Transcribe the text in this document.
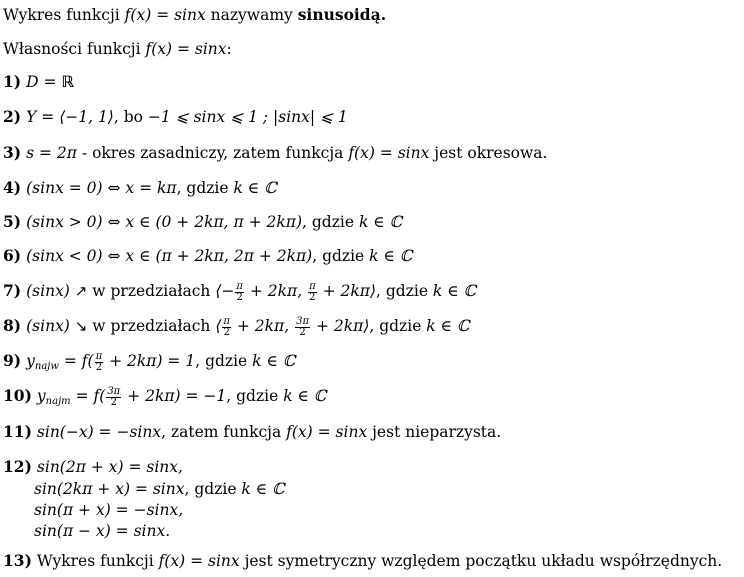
Wykres funkcji f(x) = sinx nazywamy sinusoidą.
Własności funkcji f(x) = sinx:
1) D = ℝ
2) Y = ⟨−1, 1⟩, bo −1 ⩽ sinx ⩽ 1 ; |sinx| ⩽ 1
3) s = 2π - okres zasadniczy, zatem funkcja f(x) = sinx jest okresowa.
4) (sinx = 0) ⇔ x = kπ, gdzie k ∈ ℂ
5) (sinx > 0) ⇔ x ∈ (0 + 2kπ, π + 2kπ), gdzie k ∈ ℂ
6) (sinx < 0) ⇔ x ∈ (π + 2kπ, 2π + 2kπ), gdzie k ∈ ℂ
7) (sinx) ↗ w przedziałach ⟨− $\frac{\pi}{2} + 2k\pi$, $\frac{\pi}{2}$ + 2kπ⟩, gdzie k ∈ ℂ
8) (sinx) ↘ w przedziałach ⟨ $\frac{\pi}{2} + 2k\pi$, $\frac{3\pi}{2}$ + 2kπ⟩, gdzie k ∈ ℂ
9) $y_{najw} = f( \frac{\pi}{2} + 2k\pi) = 1$, gdzie k ∈ ℂ
10) $y_{najm} = f( \frac{3\pi}{2} + 2k\pi) = -1$, gdzie k ∈ ℂ
11) sin(−x) = −sinx, zatem funkcja f(x) = sinx jest nieparzysta.
12) sin(2π + x) = sinx,
sin(2kπ + x) = sinx, gdzie k ∈ ℂ
sin(π + x) = −sinx,
sin(π − x) = sinx.
13) Wykres funkcji f(x) = sinx jest symetryczny względem początku układu współrzędnych.
